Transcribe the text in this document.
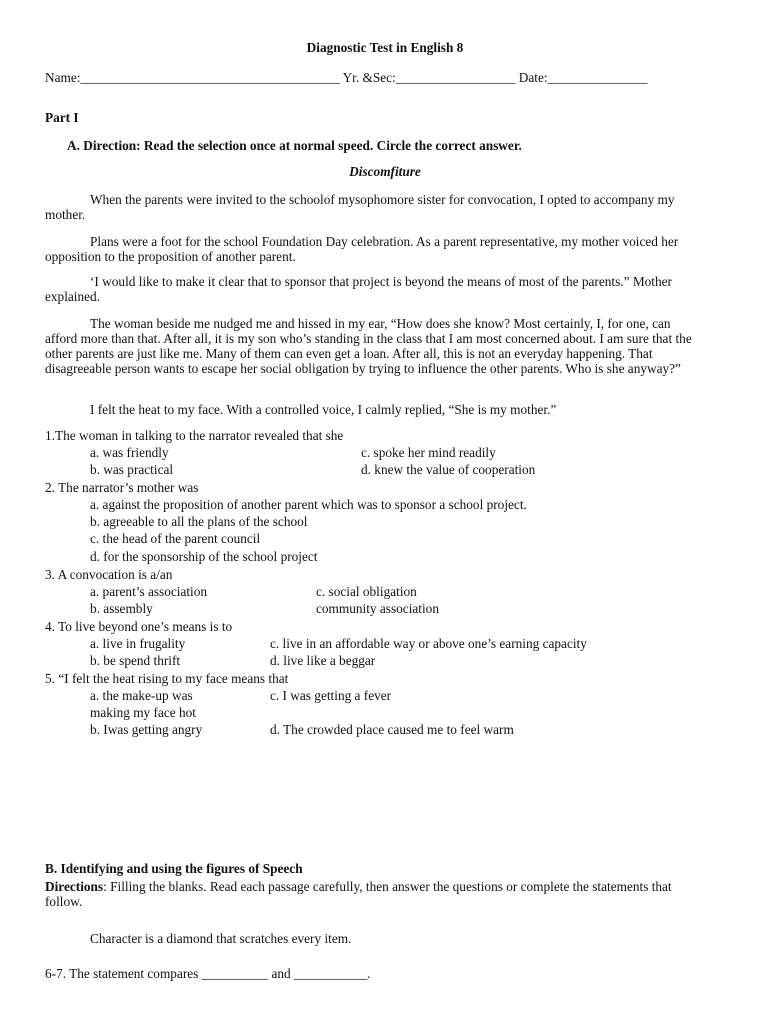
Diagnostic Test in English 8
Name:_______________________________________ Yr. &Sec:__________________ Date:_______________
Part I
A. Direction: Read the selection once at normal speed. Circle the correct answer.
Discomfiture
When the parents were invited to the schoolof mysophomore sister for convocation, I opted to accompany my mother.
Plans were a foot for the school Foundation Day celebration. As a parent representative, my mother voiced her opposition to the proposition of another parent.
‘I would like to make it clear that to sponsor that project is beyond the means of most of the parents.” Mother explained.
The woman beside me nudged me and hissed in my ear, “How does she know? Most certainly, I, for one, can afford more than that. After all, it is my son who’s standing in the class that I am most concerned about. I am sure that the other parents are just like me. Many of them can even get a loan. After all, this is not an everyday happening. That disagreeable person wants to escape her social obligation by trying to influence the other parents. Who is she anyway?”
I felt the heat to my face. With a controlled voice, I calmly replied, “She is my mother.”
1.The woman in talking to the narrator revealed that she
a. was friendly	c. spoke her mind readily
b. was practical	d. knew the value of cooperation
2. The narrator’s mother was
a. against the proposition of another parent which was to sponsor a school project.
b. agreeable to all the plans of the school
c. the head of the parent council
d. for the sponsorship of the school project
3. A convocation is a/an
a. parent’s association	c. social obligation
b. assembly	community association
4. To live beyond one’s means is to
a. live in frugality	c. live in an affordable way or above one’s earning capacity
b. be spend thrift	d. live like a beggar
5. “I felt the heat rising to my face means that
a. the make-up was	c. I was getting a fever
making my face hot
b. Iwas getting angry	d. The crowded place caused me to feel warm
B. Identifying and using the figures of Speech
Directions: Filling the blanks. Read each passage carefully, then answer the questions or complete the statements that follow.
Character is a diamond that scratches every item.
6-7. The statement compares __________ and ___________.
